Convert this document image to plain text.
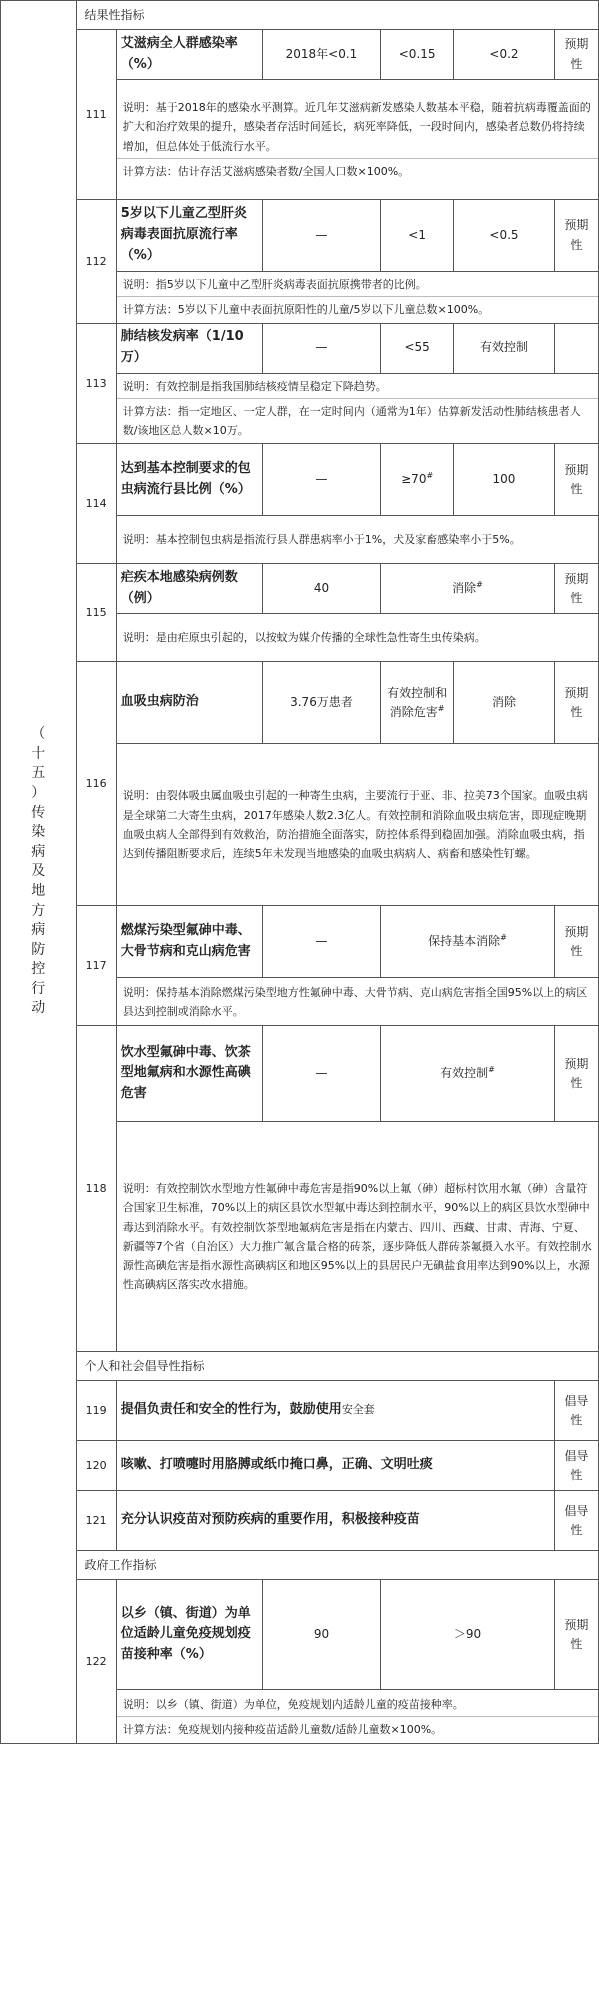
（十五）传染病及地方病防控行动	结果性指标					
	111	艾滋病全人群感染率（%）	2018年<0.1	<0.15	<0.2	预期性

		说明：基于2018年的感染水平测算。近几年艾滋病新发感染人数基本平稳，随着抗病毒覆盖面的扩大和治疗效果的提升，感染者存活时间延长，病死率降低，一段时间内，感染者总数仍将持续增加，但总体处于低流行水平。

计算方法：估计存活艾滋病感染者数/全国人口数×100%。				

	112	5岁以下儿童乙型肝炎病毒表面抗原流行率（%）	—	<1	<0.5	预期性

		说明：指5岁以下儿童中乙型肝炎病毒表面抗原携带者的比例。

计算方法：5岁以下儿童中表面抗原阳性的儿童/5岁以下儿童总数×100%。				

	113	肺结核发病率（1/10万）	—	<55	有效控制	

		说明：有效控制是指我国肺结核疫情呈稳定下降趋势。

计算方法：指一定地区、一定人群，在一定时间内（通常为1年）估算新发活动性肺结核患者人数/该地区总人数×10万。				

	114	达到基本控制要求的包虫病流行县比例（%）	—	≥70#	100	预期性

		说明：基本控制包虫病是指流行县人群患病率小于1%，犬及家畜感染率小于5%。				

	115	疟疾本地感染病例数（例）	40	消除#		预期性

		说明：是由疟原虫引起的，以按蚊为媒介传播的全球性急性寄生虫传染病。				

	116	血吸虫病防治	3.76万患者	有效控制和消除危害#	消除	预期性

		说明：由裂体吸虫属血吸虫引起的一种寄生虫病，主要流行于亚、非、拉美73个国家。血吸虫病是全球第二大寄生虫病，2017年感染人数2.3亿人。有效控制和消除血吸虫病危害，即现症晚期血吸虫病人全部得到有效救治，防治措施全面落实，防控体系得到稳固加强。消除血吸虫病，指达到传播阻断要求后，连续5年未发现当地感染的血吸虫病病人、病畜和感染性钉螺。				

	117	燃煤污染型氟砷中毒、大骨节病和克山病危害	—	保持基本消除#		预期性

		说明：保持基本消除燃煤污染型地方性氟砷中毒、大骨节病、克山病危害指全国95%以上的病区县达到控制或消除水平。				

	118	饮水型氟砷中毒、饮茶型地氟病和水源性高碘危害	—	有效控制#		预期性

		说明：有效控制饮水型地方性氟砷中毒危害是指90%以上氟（砷）超标村饮用水氟（砷）含量符合国家卫生标准，70%以上的病区县饮水型氟中毒达到控制水平，90%以上的病区县饮水型砷中毒达到消除水平。有效控制饮茶型地氟病危害是指在内蒙古、四川、西藏、甘肃、青海、宁夏、新疆等7个省（自治区）大力推广氟含量合格的砖茶，逐步降低人群砖茶氟摄入水平。有效控制水源性高碘危害是指水源性高碘病区和地区95%以上的县居民户无碘盐食用率达到90%以上，水源性高碘病区落实改水措施。				

	个人和社会倡导性指标					
	119	提倡负责任和安全的性行为，鼓励使用安全套				倡导性
	120	咳嗽、打喷嚏时用胳膊或纸巾掩口鼻，正确、文明吐痰				倡导性
	121	充分认识疫苗对预防疾病的重要作用，积极接种疫苗				倡导性
	政府工作指标					
	122	以乡（镇、街道）为单位适龄儿童免疫规划疫苗接种率（%）	90	＞90		预期性

		说明：以乡（镇、街道）为单位，免疫规划内适龄儿童的疫苗接种率。

计算方法：免疫规划内接种疫苗适龄儿童数/适龄儿童数×100%。				
